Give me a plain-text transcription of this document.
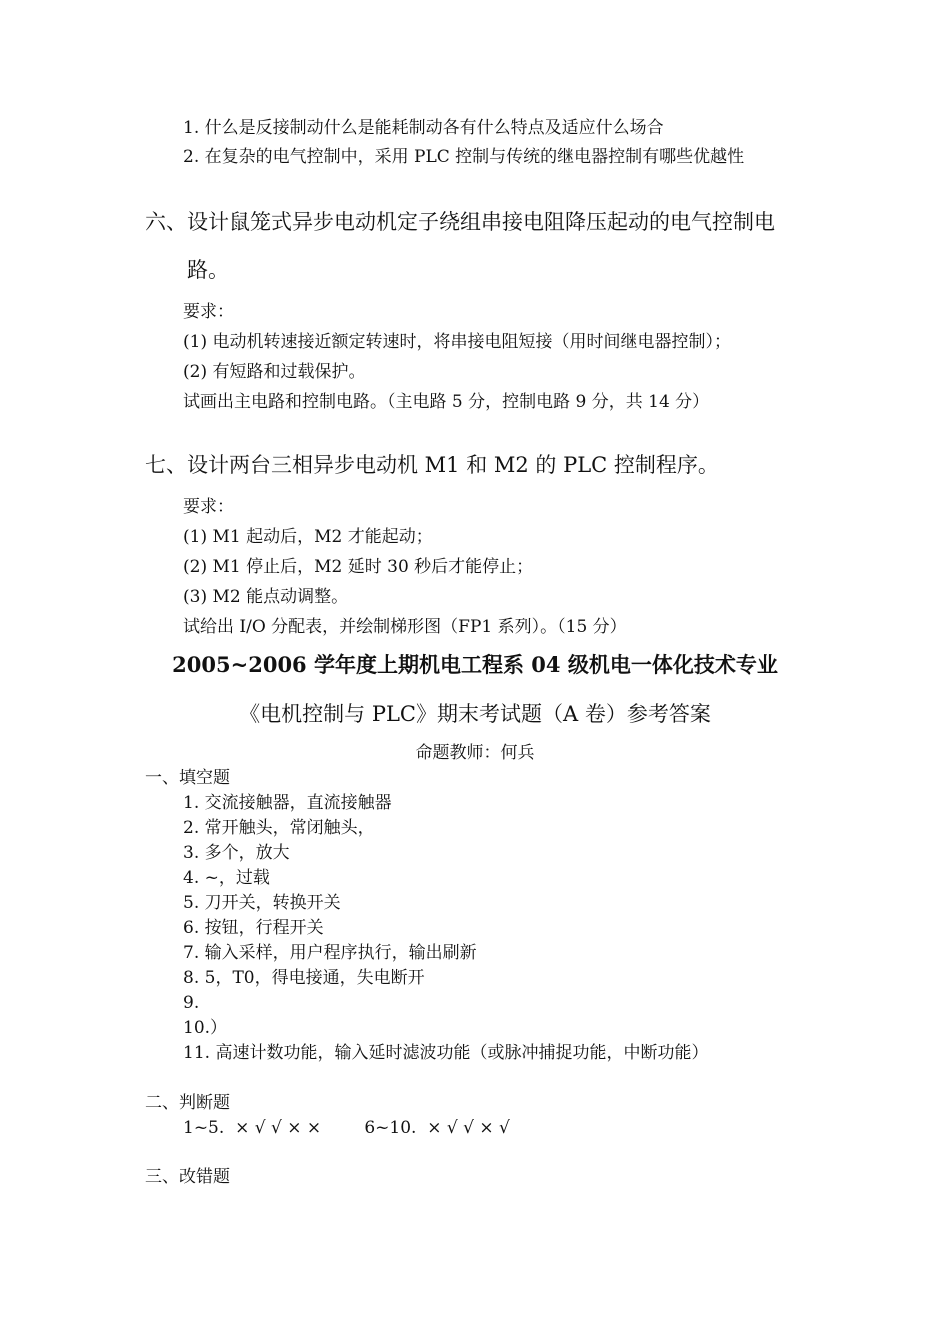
1. 什么是反接制动什么是能耗制动各有什么特点及适应什么场合
2. 在复杂的电气控制中，采用 PLC 控制与传统的继电器控制有哪些优越性
六、设计鼠笼式异步电动机定子绕组串接电阻降压起动的电气控制电
路。
要求：
(1) 电动机转速接近额定转速时，将串接电阻短接（用时间继电器控制）；
(2) 有短路和过载保护。
试画出主电路和控制电路。（主电路 5 分，控制电路 9 分，共 14 分）
七、设计两台三相异步电动机 M1 和 M2 的 PLC 控制程序。
要求：
(1) M1 起动后，M2 才能起动；
(2) M1 停止后，M2 延时 30 秒后才能停止；
(3) M2 能点动调整。
试给出 I/O 分配表，并绘制梯形图（FP1 系列）。（15 分）
2005~2006 学年度上期机电工程系 04 级机电一体化技术专业
《电机控制与 PLC》期末考试题（A 卷）参考答案
命题教师：何兵
一、填空题
1. 交流接触器，直流接触器
2. 常开触头，常闭触头，
3. 多个，放大
4. ~，过载
5. 刀开关，转换开关
6. 按钮，行程开关
7. 输入采样，用户程序执行，输出刷新
8. 5，T0，得电接通，失电断开
9.
10.）
11. 高速计数功能，输入延时滤波功能（或脉冲捕捉功能，中断功能）
二、判断题
1~5.  × √ √ × ×        6~10.  × √ √ × √
三、改错题
